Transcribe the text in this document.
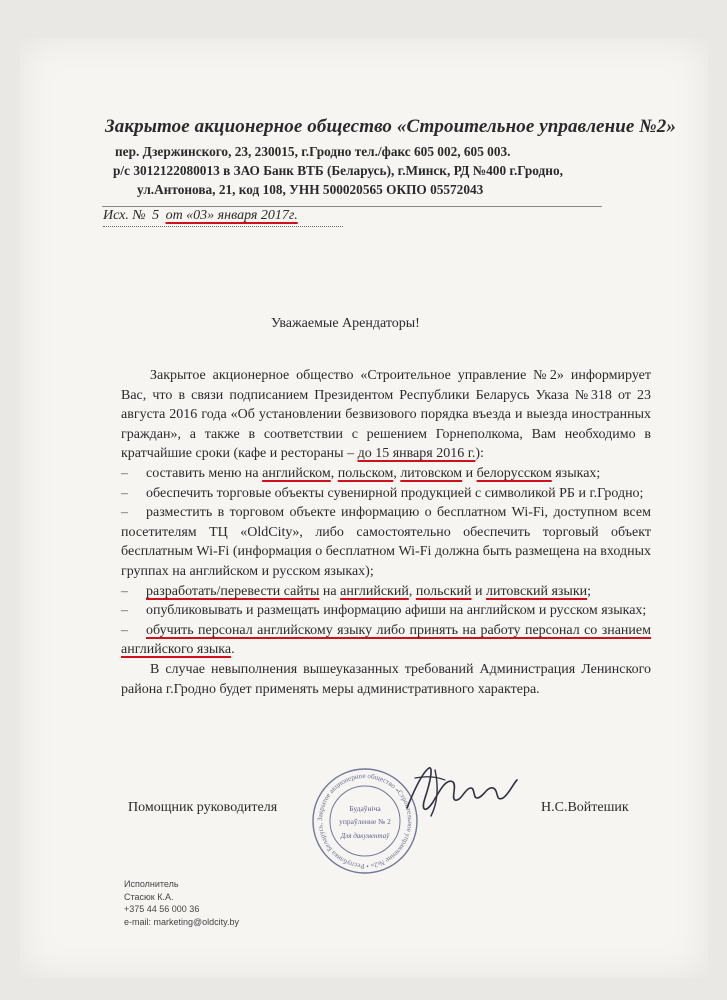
Закрытое акционерное общество «Строительное управление №2»
пер. Дзержинского, 23, 230015, г.Гродно тел./факс 605 002, 605 003.
р/с 3012122080013 в ЗАО Банк ВТБ (Беларусь), г.Минск, РД №400 г.Гродно,
ул.Антонова, 21, код 108, УНН 500020565 ОКПО 05572043
Исх. № 5 от «03» января 2017г.
Уважаемые Арендаторы!

Закрытое акционерное общество «Строительное управление №2» информирует Вас, что в связи подписанием Президентом Республики Беларусь Указа №318 от 23 августа 2016 года «Об установлении безвизового порядка въезда и выезда иностранных граждан», а также в соответствии с решением Горнеполкома, Вам необходимо в кратчайшие сроки (кафе и рестораны – до 15 января 2016 г.):

– составить меню на английском, польском, литовском и белорусском языках;

– обеспечить торговые объекты сувенирной продукцией с символикой РБ и г.Гродно;

– разместить в торговом объекте информацию о бесплатном Wi-Fi, доступном всем посетителям ТЦ «OldCity», либо самостоятельно обеспечить торговый объект бесплатным Wi-Fi (информация о бесплатном Wi-Fi должна быть размещена на входных группах на английском и русском языках);

– разработать/перевести сайты на английский, польский и литовский языки;

– опубликовывать и размещать информацию афиши на английском и русском языках;

– обучить персонал английскому языку либо принять на работу персонал со знанием английского языка.

В случае невыполнения вышеуказанных требований Администрация Ленинского района г.Гродно будет применять меры административного характера.

Помощник руководителя
Закрытое акционерное общество «Строительное управление №2» • Республика Беларусь,
Будаўніча
упраўленне № 2
Для дакументаў
Н.С.Войтешик
Исполнитель
Стасюк К.А.
+375 44 56 000 36
e-mail: marketing@oldcity.by
